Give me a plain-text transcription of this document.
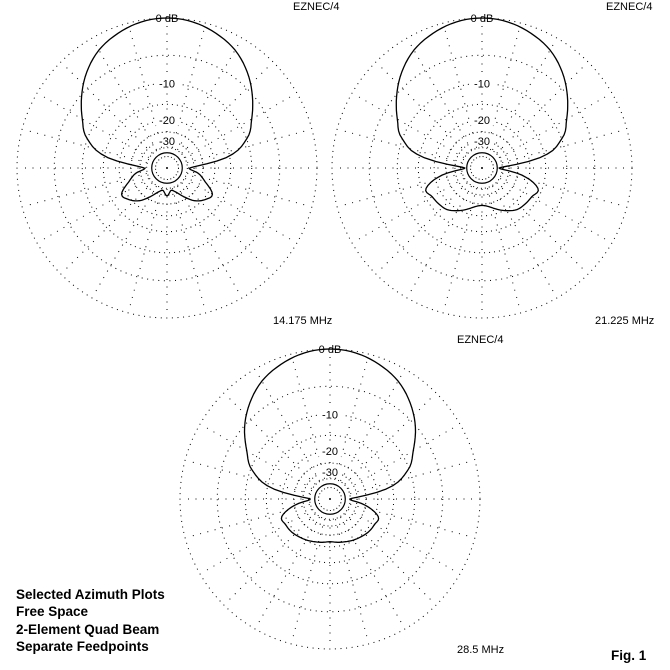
0 dB
-10
-20
-30
0 dB
-10
-20
-30
0 dB
-10
-20
-30
EZNEC/4	EZNEC/4
EZNEC/4
14.175 MHz	21.225 MHz
28.5 MHz
Selected Azimuth Plots
Free Space
2-Element Quad Beam
Separate Feedpoints
Fig. 1
